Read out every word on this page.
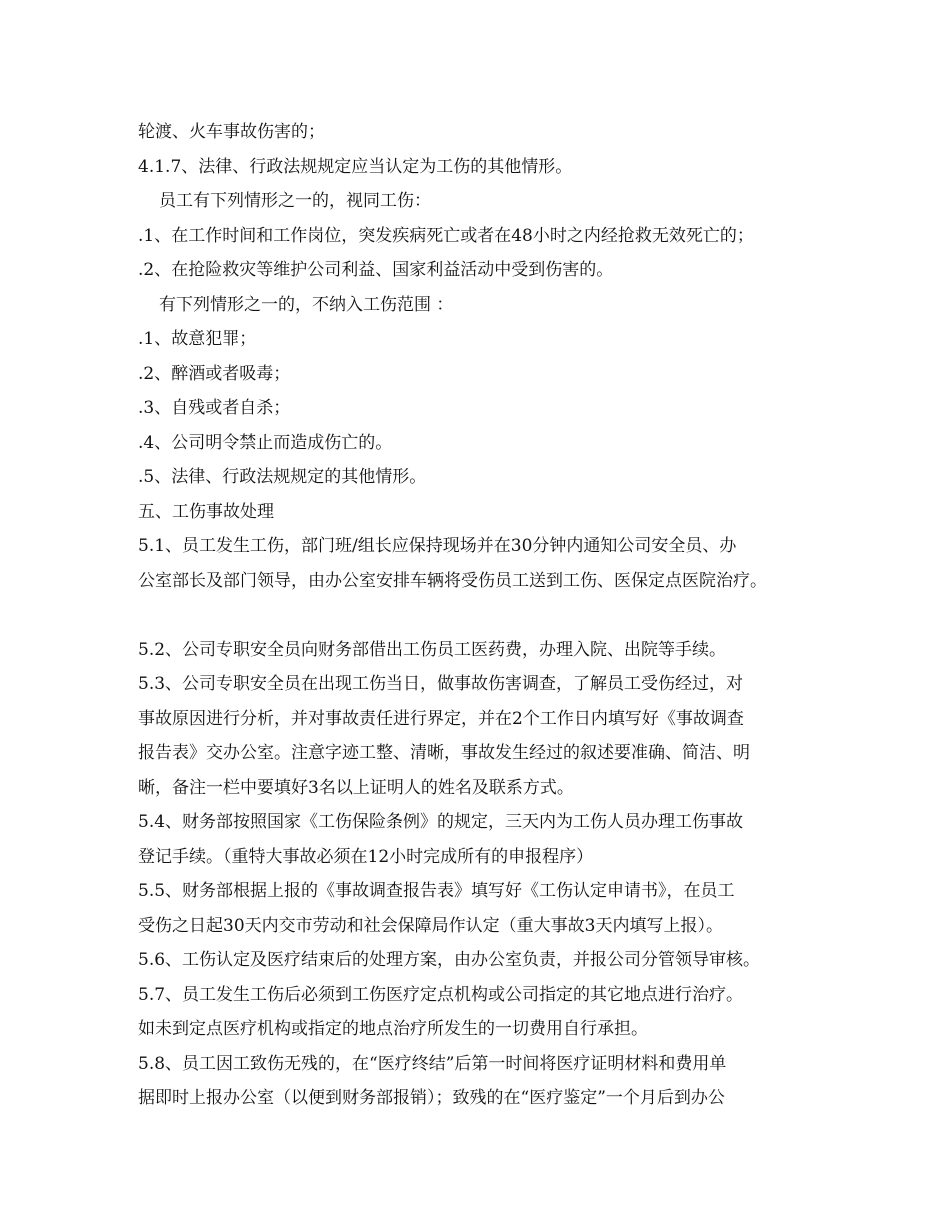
轮渡、火车事故伤害的；
4.1.7、法律、行政法规规定应当认定为工伤的其他情形。
员工有下列情形之一的，视同工伤：
.1、在工作时间和工作岗位，突发疾病死亡或者在48小时之内经抢救无效死亡的；
.2、在抢险救灾等维护公司利益、国家利益活动中受到伤害的。
有下列情形之一的，不纳入工伤范围 ：
.1、故意犯罪；
.2、醉酒或者吸毒；
.3、自残或者自杀；
.4、公司明令禁止而造成伤亡的。
.5、法律、行政法规规定的其他情形。
五、工伤事故处理
5.1、员工发生工伤，部门班/组长应保持现场并在30分钟内通知公司安全员、办
公室部长及部门领导，由办公室安排车辆将受伤员工送到工伤、医保定点医院治疗。
5.2、公司专职安全员向财务部借出工伤员工医药费，办理入院、出院等手续。
5.3、公司专职安全员在出现工伤当日，做事故伤害调查，了解员工受伤经过，对
事故原因进行分析，并对事故责任进行界定，并在2个工作日内填写好《事故调查
报告表》交办公室。注意字迹工整、清晰，事故发生经过的叙述要准确、简洁、明
晰，备注一栏中要填好3名以上证明人的姓名及联系方式。
5.4、财务部按照国家《工伤保险条例》的规定，三天内为工伤人员办理工伤事故
登记手续。（重特大事故必须在12小时完成所有的申报程序）
5.5、财务部根据上报的《事故调查报告表》填写好《工伤认定申请书》，在员工
受伤之日起30天内交市劳动和社会保障局作认定（重大事故3天内填写上报）。
5.6、工伤认定及医疗结束后的处理方案，由办公室负责，并报公司分管领导审核。
5.7、员工发生工伤后必须到工伤医疗定点机构或公司指定的其它地点进行治疗。
如未到定点医疗机构或指定的地点治疗所发生的一切费用自行承担。
5.8、员工因工致伤无残的，在“医疗终结”后第一时间将医疗证明材料和费用单
据即时上报办公室（以便到财务部报销）；致残的在“医疗鉴定”一个月后到办公
